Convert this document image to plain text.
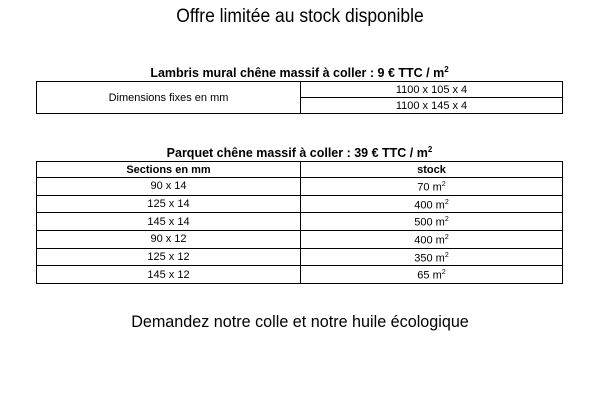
Offre limitée au stock disponible
Lambris mural chêne massif à coller : 9 € TTC / $m^2$
Dimensions fixes en mm	1100 x 105 x 4
1100 x 145 x 4
Parquet chêne massif à coller : 39 € TTC / $m^2$
Sections en mm	stock
90 x 14	70 $m^2$
125 x 14	400 $m^2$
145 x 14	500 $m^2$
90 x 12	400 $m^2$
125 x 12	350 $m^2$
145 x 12	65 $m^2$
Demandez notre colle et notre huile écologique
